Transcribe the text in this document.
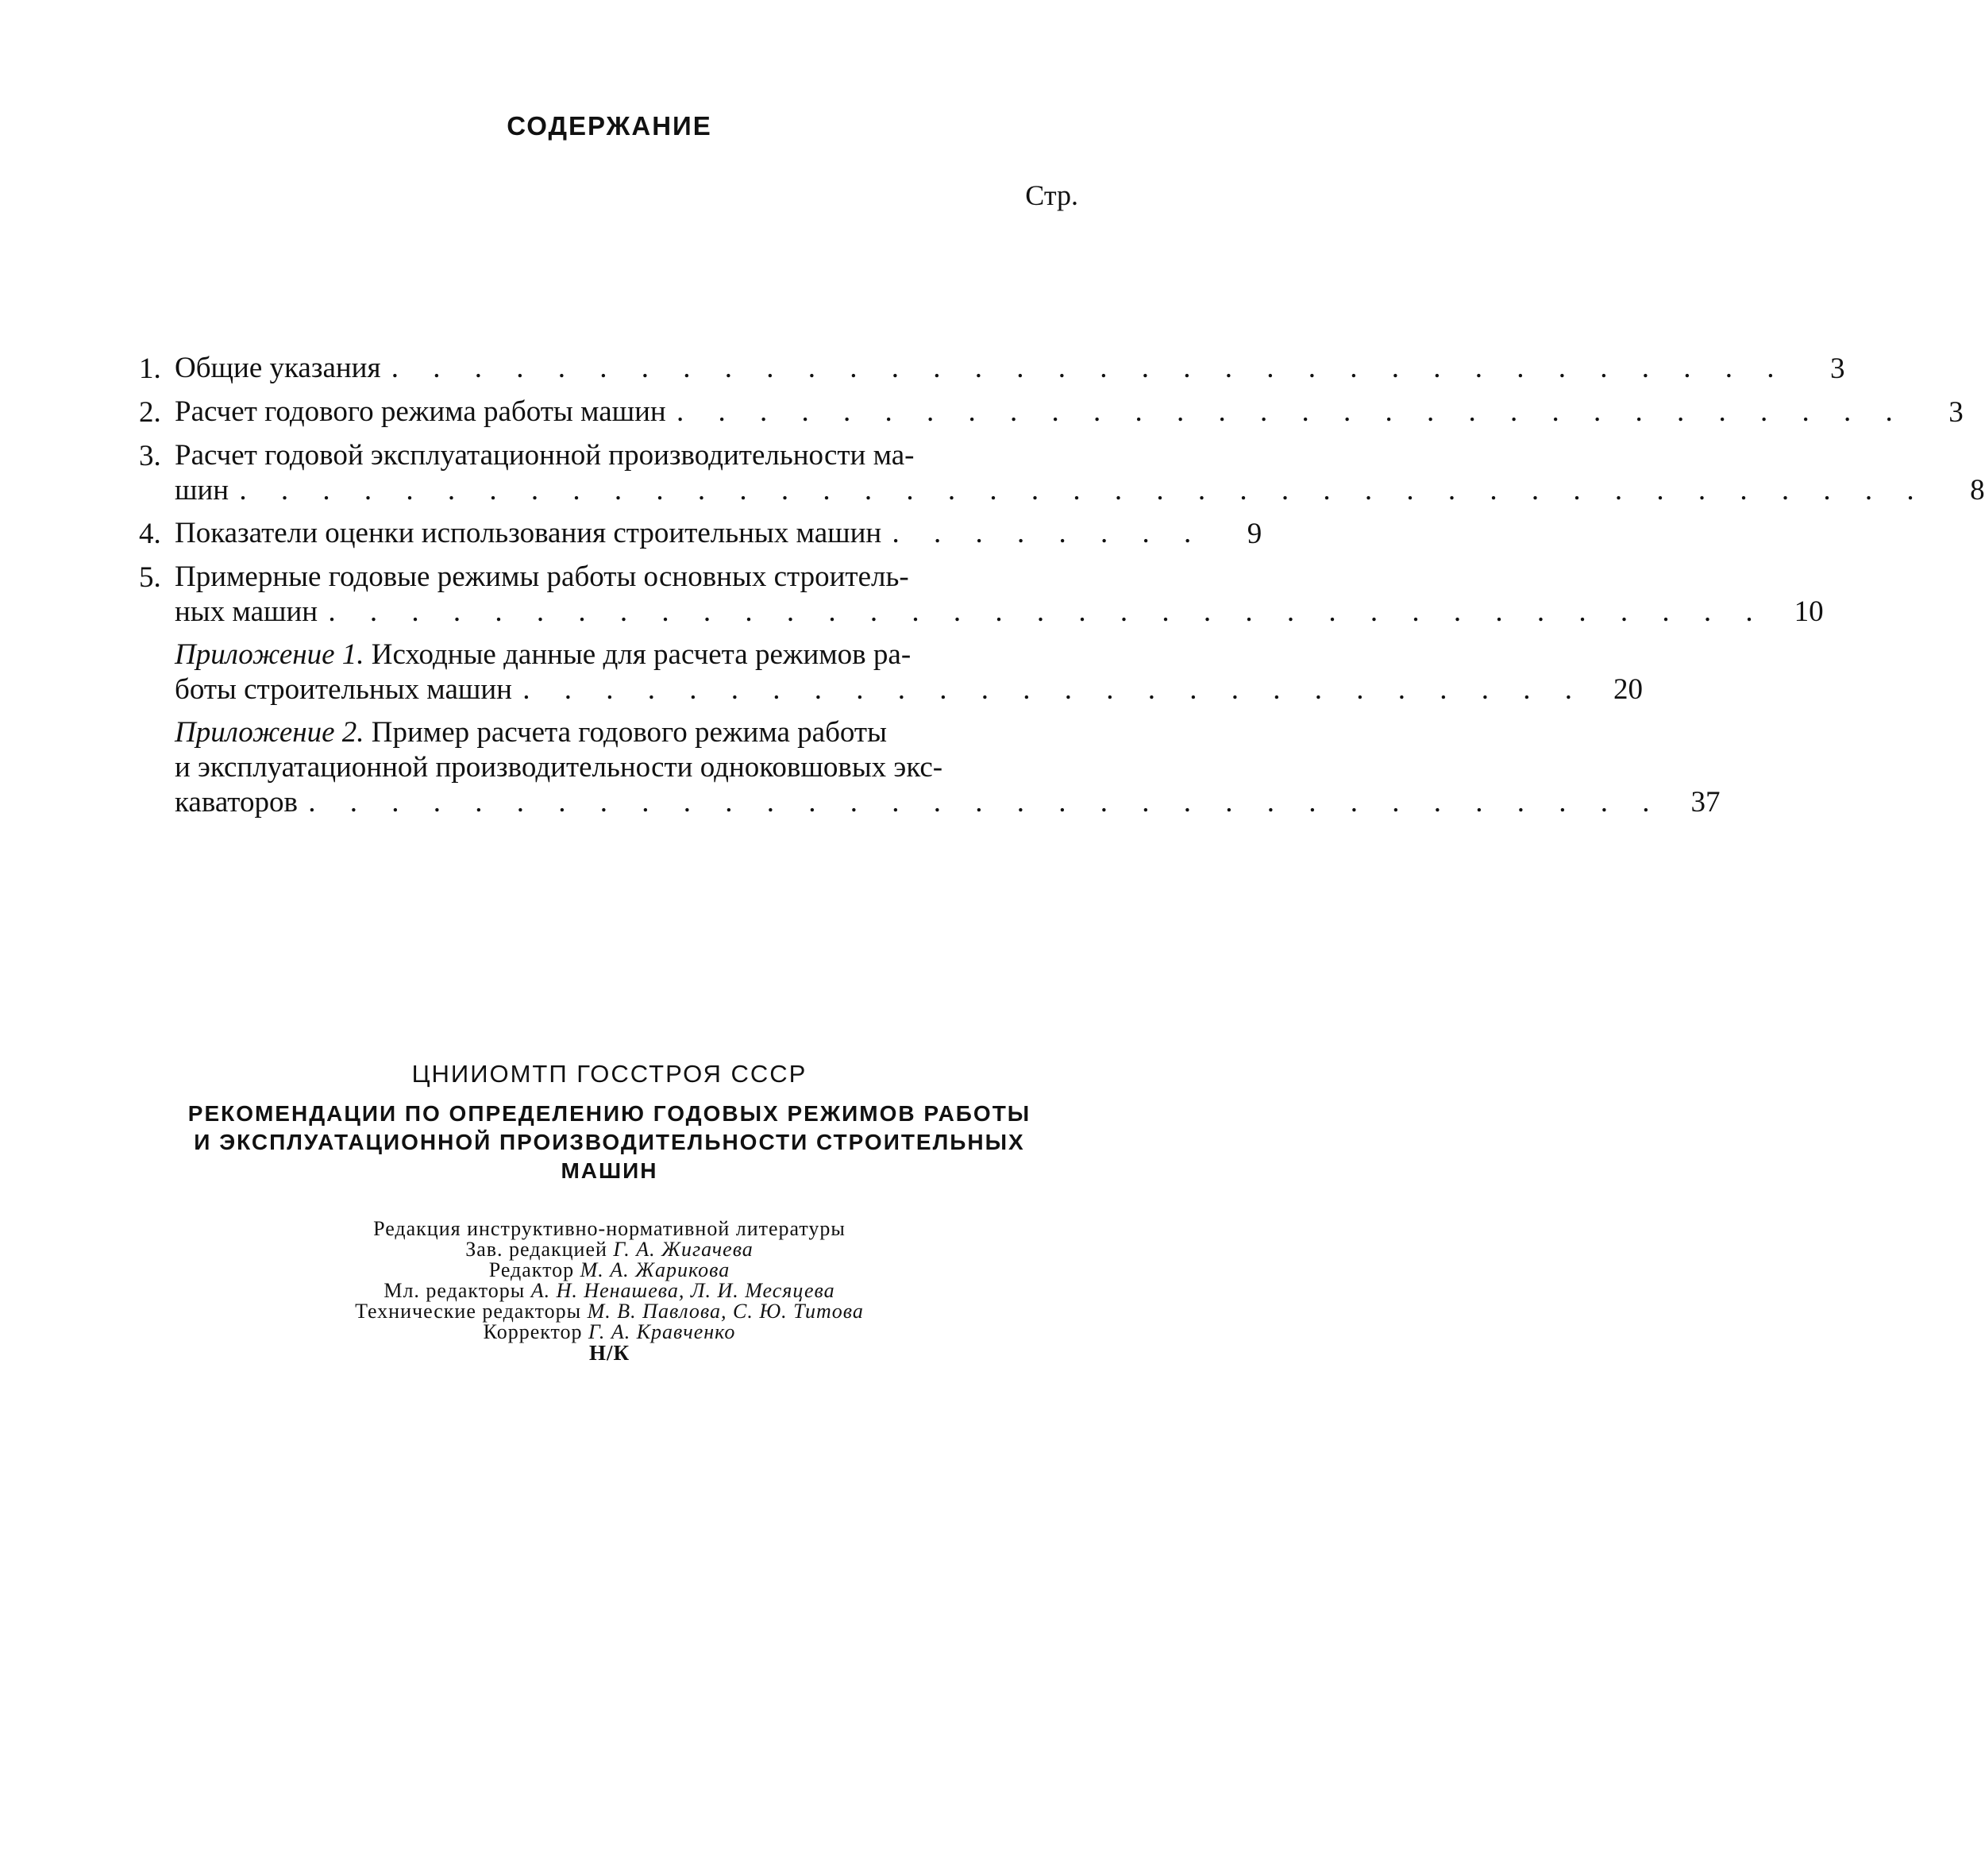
СОДЕРЖАНИЕ
Стр.
1. Общие указания . . . . . . . . . . . . . . . . . . . . . . . . . . . . . . . . . .	3
2. Расчет годового режима работы машин . . . . . . . . . . . . . . . . . . . . . . . . . . . . . .	3
3. Расчет годовой эксплуатационной производительности ма-
шин . . . . . . . . . . . . . . . . . . . . . . . . . . . . . . . . . . . . . . . . .	8
4. Показатели оценки использования строительных машин . . . . . . . .	9
5. Примерные годовые режимы работы основных строитель-
ных машин . . . . . . . . . . . . . . . . . . . . . . . . . . . . . . . . . . . 10
Приложение 1. Исходные данные для расчета режимов ра-
боты строительных машин . . . . . . . . . . . . . . . . . . . . . . . . . . 20
Приложение 2. Пример расчета годового режима работы
и эксплуатационной производительности одноковшовых экс-
каваторов . . . . . . . . . . . . . . . . . . . . . . . . . . . . . . . . . 37
ЦНИИОМТП ГОССТРОЯ СССР
РЕКОМЕНДАЦИИ ПО ОПРЕДЕЛЕНИЮ ГОДОВЫХ РЕЖИМОВ РАБОТЫ
И ЭКСПЛУАТАЦИОННОЙ ПРОИЗВОДИТЕЛЬНОСТИ СТРОИТЕЛЬНЫХ
МАШИН
Редакция инструктивно-нормативной литературы
Зав. редакцией Г. А. Жигачева
Редактор М. А. Жарикова
Мл. редакторы А. Н. Ненашева, Л. И. Месяцева
Технические редакторы М. В. Павлова, С. Ю. Титова
Корректор Г. А. Кравченко
Н/К
